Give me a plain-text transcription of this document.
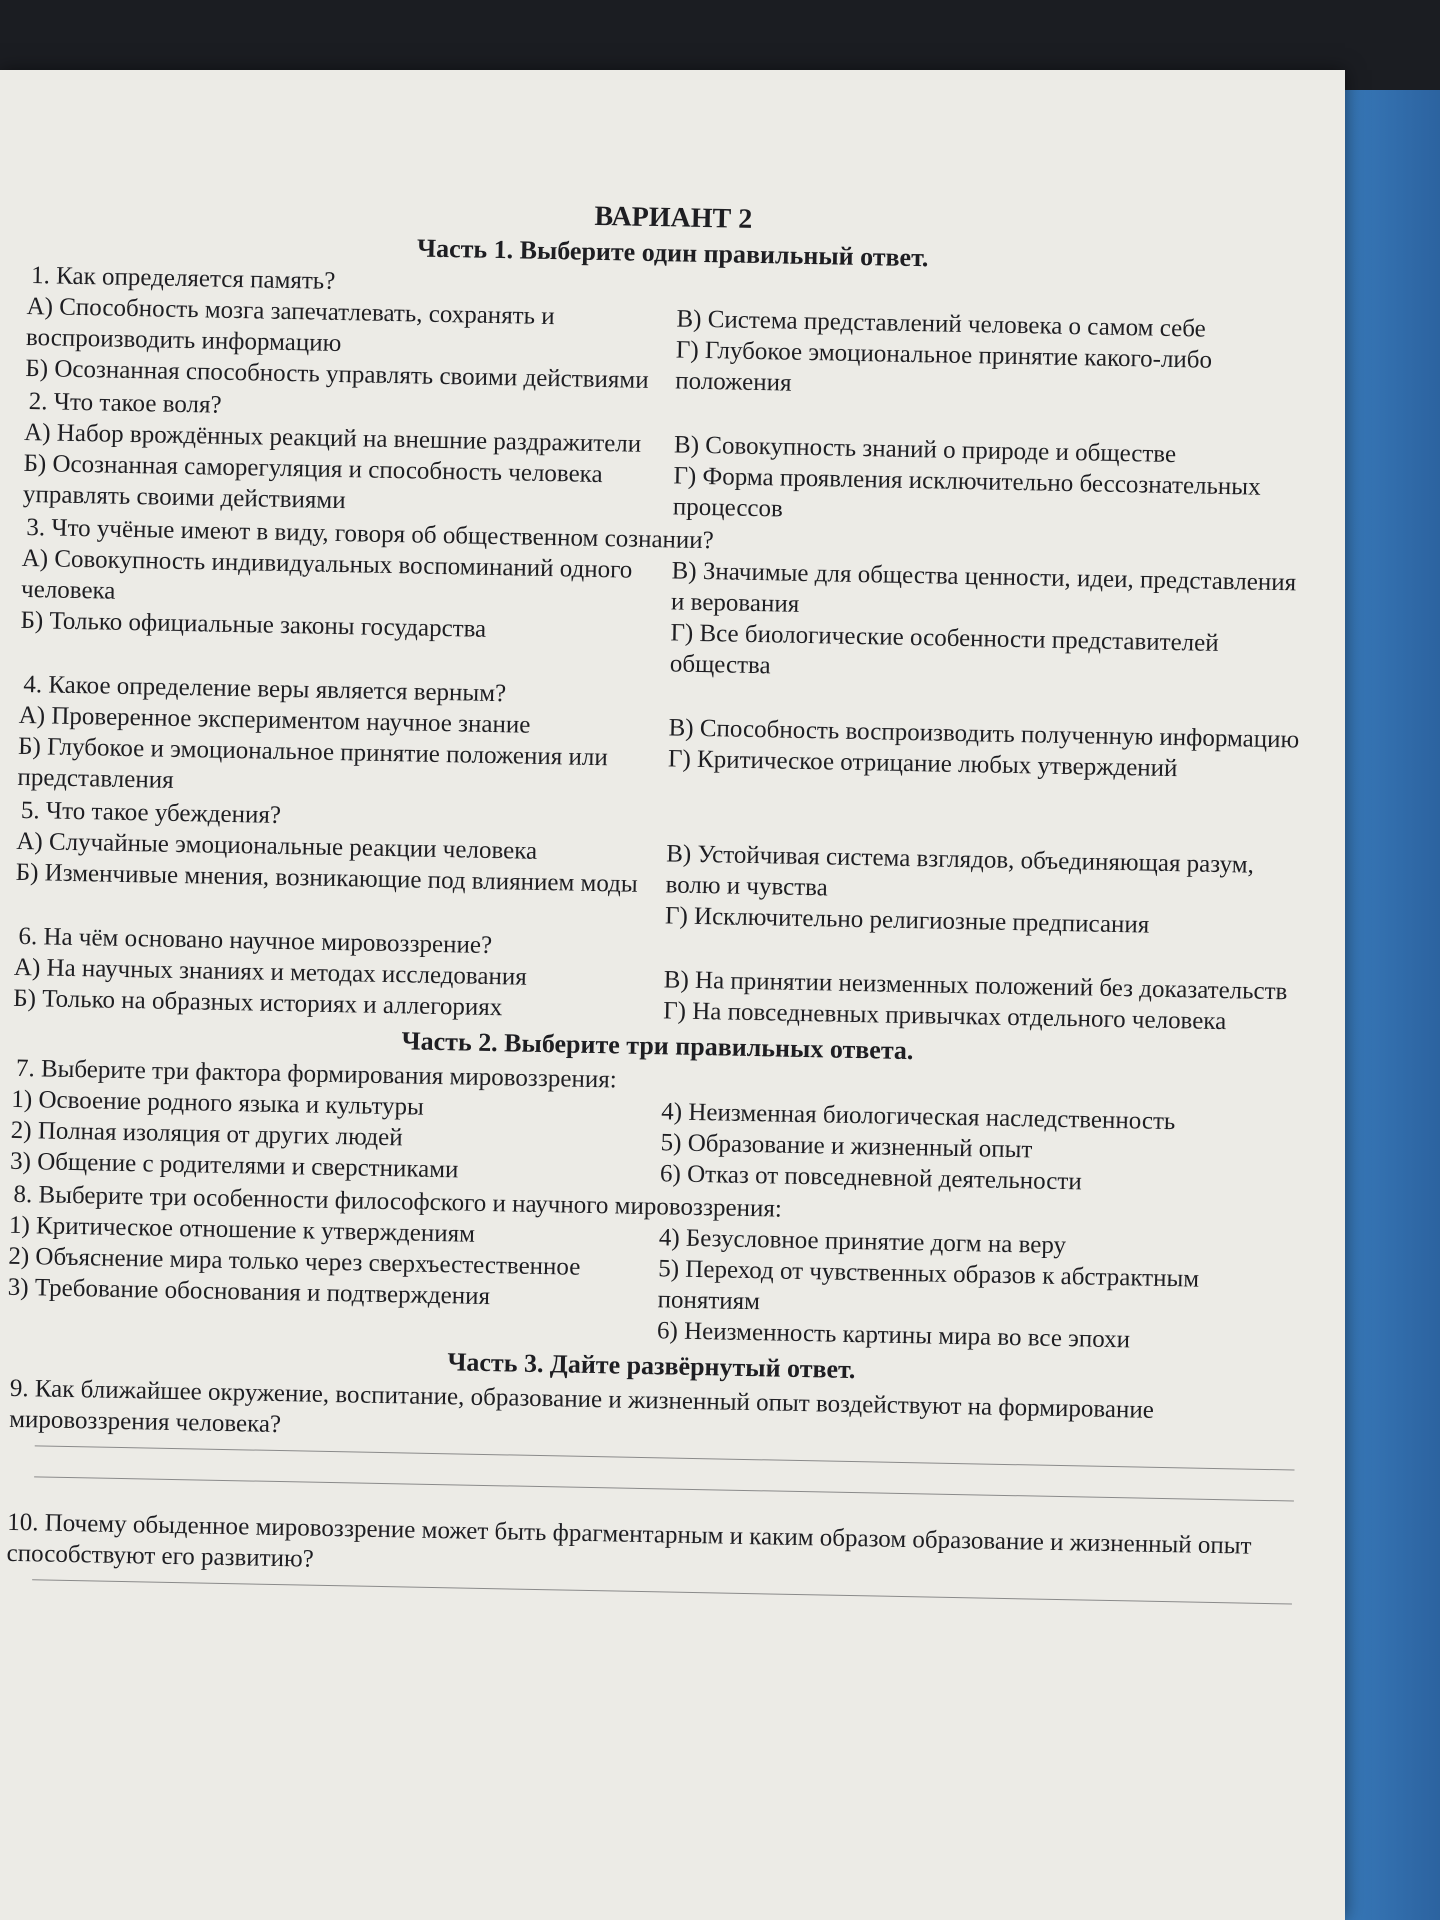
ВАРИАНТ 2

Часть 1. Выберите один правильный ответ.

1. Как определяется память?

А) Способность мозга запечатлевать, сохранять и воспроизводить информацию
Б) Осознанная способность управлять своими действиями
В) Система представлений человека о самом себе
Г) Глубокое эмоциональное принятие какого-либо положения

2. Что такое воля?

А) Набор врождённых реакций на внешние раздражители
Б) Осознанная саморегуляция и способность человека управлять своими действиями
В) Совокупность знаний о природе и обществе
Г) Форма проявления исключительно бессознательных процессов

3. Что учёные имеют в виду, говоря об общественном сознании?

А) Совокупность индивидуальных воспоминаний одного человека
Б) Только официальные законы государства
В) Значимые для общества ценности, идеи, представления и верования
Г) Все биологические особенности представителей общества

4. Какое определение веры является верным?

А) Проверенное экспериментом научное знание
Б) Глубокое и эмоциональное принятие положения или представления
В) Способность воспроизводить полученную информацию
Г) Критическое отрицание любых утверждений

5. Что такое убеждения?

А) Случайные эмоциональные реакции человека
Б) Изменчивые мнения, возникающие под влиянием моды	В) Устойчивая система взглядов, объединяющая разум, волю и чувства
Г) Исключительно религиозные предписания

6. На чём основано научное мировоззрение?

А) На научных знаниях и методах исследования
Б) Только на образных историях и аллегориях	В) На принятии неизменных положений без доказательств
Г) На повседневных привычках отдельного человека

Часть 2. Выберите три правильных ответа.

7. Выберите три фактора формирования мировоззрения:

1) Освоение родного языка и культуры
2) Полная изоляция от других людей
3) Общение с родителями и сверстниками
4) Неизменная биологическая наследственность
5) Образование и жизненный опыт
6) Отказ от повседневной деятельности

8. Выберите три особенности философского и научного мировоззрения:

1) Критическое отношение к утверждениям
2) Объяснение мира только через сверхъестественное
3) Требование обоснования и подтверждения
4) Безусловное принятие догм на веру
5) Переход от чувственных образов к абстрактным понятиям
6) Неизменность картины мира во все эпохи

Часть 3. Дайте развёрнутый ответ.

9. Как ближайшее окружение, воспитание, образование и жизненный опыт воздействуют на формирование мировоззрения человека?

10. Почему обыденное мировоззрение может быть фрагментарным и каким образом образование и жизненный опыт способствуют его развитию?
